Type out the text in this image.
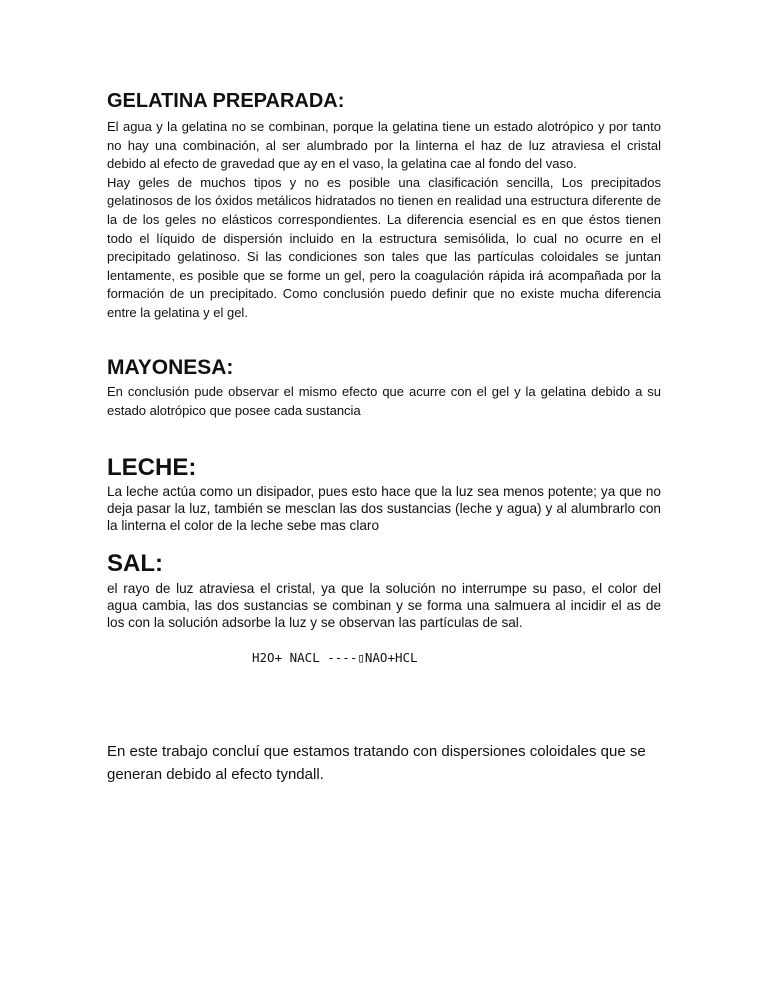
GELATINA PREPARADA:

El agua y la gelatina no se combinan, porque la gelatina tiene un estado alotrópico y por tanto no hay una combinación, al ser alumbrado por la linterna el haz de luz atraviesa el cristal debido al efecto de gravedad que ay en el vaso, la gelatina cae al fondo del vaso.
Hay geles de muchos tipos y no es posible una clasificación sencilla, Los precipitados gelatinosos de los óxidos metálicos hidratados no tienen en realidad una estructura diferente de la de los geles no elásticos correspondientes. La diferencia esencial es en que éstos tienen todo el líquido de dispersión incluido en la estructura semisólida, lo cual no ocurre en el precipitado gelatinoso. Si las condiciones son tales que las partículas coloidales se juntan lentamente, es posible que se forme un gel, pero la coagulación rápida irá acompañada por la formación de un precipitado. Como conclusión puedo definir que no existe mucha diferencia entre la gelatina y el gel.

MAYONESA:

En conclusión pude observar el mismo efecto que acurre con el gel y la gelatina debido a su estado alotrópico que posee cada sustancia

LECHE:

La leche actúa como un disipador, pues esto hace que la luz sea menos potente; ya que no deja pasar la luz, también se mesclan las dos sustancias (leche y agua) y al alumbrarlo con la linterna el color de la leche sebe mas claro

SAL:

el rayo de luz atraviesa el cristal, ya que la solución no interrumpe su paso, el color del agua cambia, las dos sustancias se combinan y se forma una salmuera al incidir el as de los con la solución adsorbe la luz y se observan las partículas de sal.

H2O+ NACL ----▯NAO+HCL

En este trabajo concluí que estamos tratando con dispersiones coloidales que se generan debido al efecto tyndall.
